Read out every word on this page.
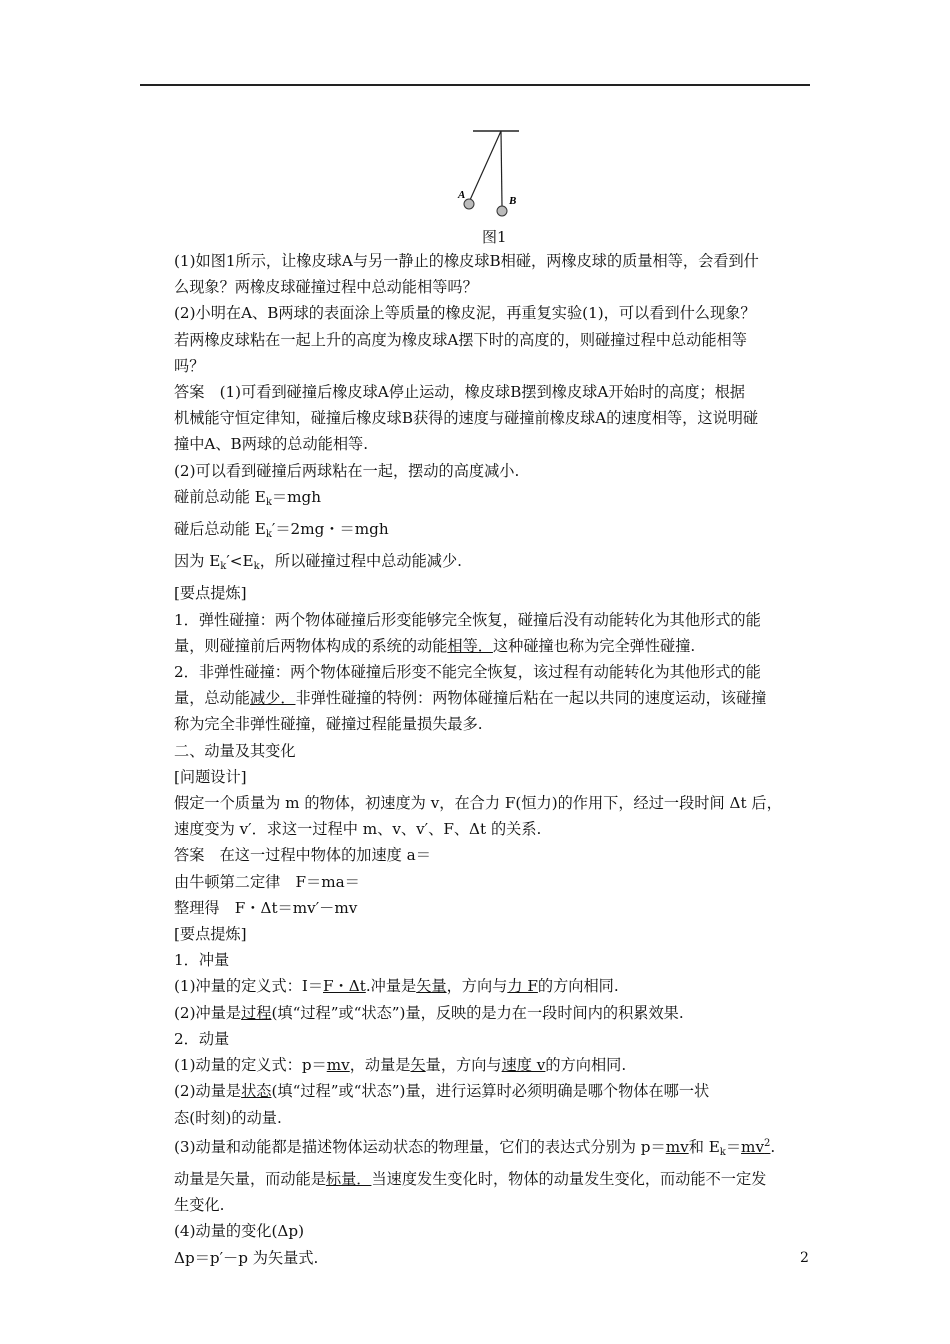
A	B
图1
(1)如图1所示，让橡皮球A与另一静止的橡皮球B相碰，两橡皮球的质量相等，会看到什
么现象？两橡皮球碰撞过程中总动能相等吗？
(2)小明在A、B两球的表面涂上等质量的橡皮泥，再重复实验(1)，可以看到什么现象？
若两橡皮球粘在一起上升的高度为橡皮球A摆下时的高度的，则碰撞过程中总动能相等
吗？
答案　(1)可看到碰撞后橡皮球A停止运动，橡皮球B摆到橡皮球A开始时的高度；根据
机械能守恒定律知，碰撞后橡皮球B获得的速度与碰撞前橡皮球A的速度相等，这说明碰
撞中A、B两球的总动能相等.
(2)可以看到碰撞后两球粘在一起，摆动的高度减小.
碰前总动能 $E_k=mgh$
碰后总动能 $E_k'=2mg$・＝mgh
因为 $E_k'<E_k$，所以碰撞过程中总动能减少.
[要点提炼]
1．弹性碰撞：两个物体碰撞后形变能够完全恢复，碰撞后没有动能转化为其他形式的能
量，则碰撞前后两物体构成的系统的动能相等．这种碰撞也称为完全弹性碰撞.
2．非弹性碰撞：两个物体碰撞后形变不能完全恢复，该过程有动能转化为其他形式的能
量，总动能减少．非弹性碰撞的特例：两物体碰撞后粘在一起以共同的速度运动，该碰撞
称为完全非弹性碰撞，碰撞过程能量损失最多.
二、动量及其变化
[问题设计]
假定一个质量为 m 的物体，初速度为 v，在合力 F(恒力)的作用下，经过一段时间 Δt 后，
速度变为 v′．求这一过程中 m、v、v′、F、Δt 的关系.
答案　在这一过程中物体的加速度 a＝
由牛顿第二定律　F＝ma＝
整理得　F・Δt＝mv′－mv
[要点提炼]
1．冲量
(1)冲量的定义式：I＝F・Δt.冲量是矢量，方向与力 F的方向相同.
(2)冲量是过程(填“过程”或“状态”)量，反映的是力在一段时间内的积累效果.
2．动量
(1)动量的定义式：p＝mv，动量是矢量，方向与速度 v的方向相同.
(2)动量是状态(填“过程”或“状态”)量，进行运算时必须明确是哪个物体在哪一状
态(时刻)的动量.
(3)动量和动能都是描述物体运动状态的物理量，它们的表达式分别为 p＝mv和 $E_k=mv^2$.
动量是矢量，而动能是标量．当速度发生变化时，物体的动量发生变化，而动能不一定发
生变化.
(4)动量的变化(Δp)
Δp＝p′－p 为矢量式.	2
